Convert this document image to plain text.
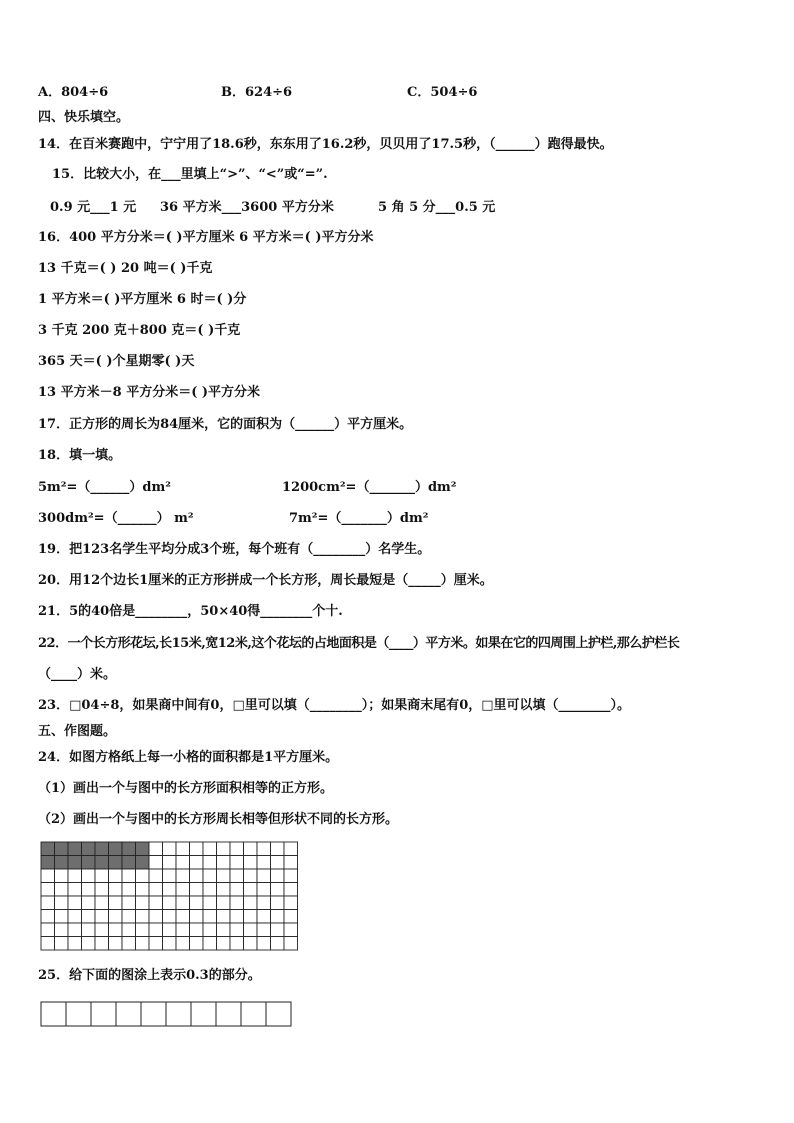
A．804÷6	B．624÷6	C．504÷6
四、快乐填空。
14．在百米赛跑中，宁宁用了18.6秒，东东用了16.2秒，贝贝用了17.5秒，（______）跑得最快。
15．比较大小，在___里填上“>”、“<”或“=”.
0.9 元___1 元 36 平方米___3600 平方分米	5 角 5 分___0.5 元
16．400 平方分米＝( )平方厘米 6 平方米＝( )平方分米
13 千克＝( ) 20 吨＝( )千克
1 平方米＝( )平方厘米 6 时＝( )分
3 千克 200 克＋800 克＝( )千克
365 天＝( )个星期零( )天
13 平方米－8 平方分米＝( )平方分米
17．正方形的周长为84厘米，它的面积为（______）平方厘米。
18．填一填。
5m²=（______）dm²	1200cm²=（_______）dm²
300dm²=（______） m²	7m²=（_______）dm²
19．把123名学生平均分成3个班，每个班有（________）名学生。
20．用12个边长1厘米的正方形拼成一个长方形，周长最短是（_____）厘米。
21．5的40倍是________，50×40得________个十.
22．一个长方形花坛,长15米,宽12米,这个花坛的占地面积是（____）平方米。如果在它的四周围上护栏,那么护栏长
（____）米。
23．□04÷8，如果商中间有0，□里可以填（________）；如果商末尾有0，□里可以填（________）。
五、作图题。
24．如图方格纸上每一小格的面积都是1平方厘米。
（1）画出一个与图中的长方形面积相等的正方形。
（2）画出一个与图中的长方形周长相等但形状不同的长方形。
25．给下面的图涂上表示0.3的部分。
